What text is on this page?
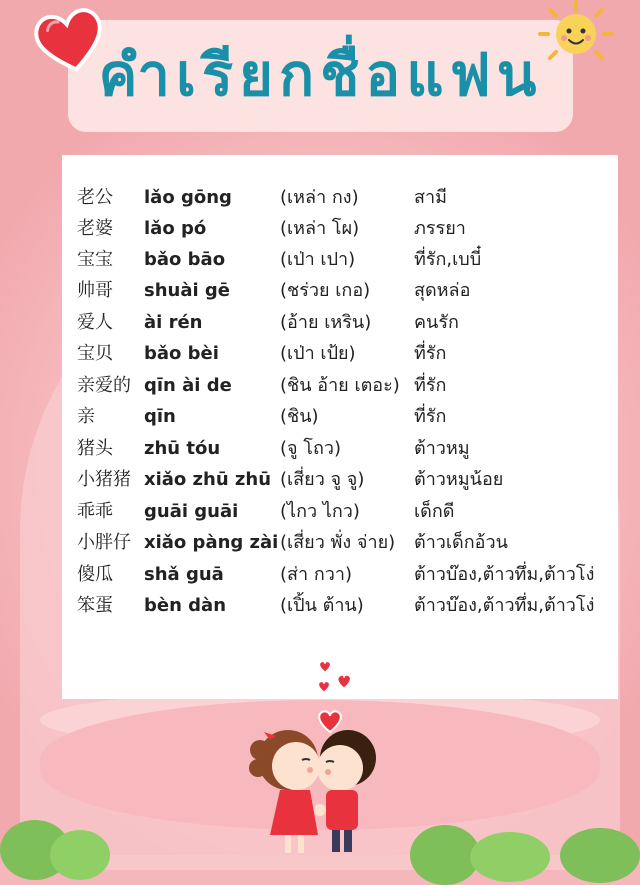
คำเรียกชื่อแฟน
老公 lǎo gōng	(เหล่า กง)	สามี
老婆 lǎo pó	(เหล่า โผ)	ภรรยา
宝宝 bǎo bāo	(เป่า เปา)	ที่รัก,เบบี๋
帅哥 shuài gē	(ชร่วย เกอ) สุดหล่อ
爱人 ài rén	(อ้าย เหริน) คนรัก
宝贝 bǎo bèi	(เป่า เป้ย)	ที่รัก
亲爱的 qīn ài de	(ชิน อ้าย เตอะ) ที่รัก
亲	qīn	(ชิน)	ที่รัก
猪头 zhū tóu	(จู โถว)	ต้าวหมู
小猪猪 xiǎo zhū zhū (เสี่ยว จู จู)	ต้าวหมูน้อย
乖乖 guāi guāi (ไกว ไกว)	เด็กดี
小胖仔 xiǎo pàng zài (เสี่ยว พั่ง จ่าย) ต้าวเด็กอ้วน
傻瓜 shǎ guā	(ส่า กวา)	ต้าวบ๊อง,ต้าวทึ่ม,ต้าวโง่
笨蛋 bèn dàn	(เปิ้น ต้าน)	ต้าวบ๊อง,ต้าวทึ่ม,ต้าวโง่
